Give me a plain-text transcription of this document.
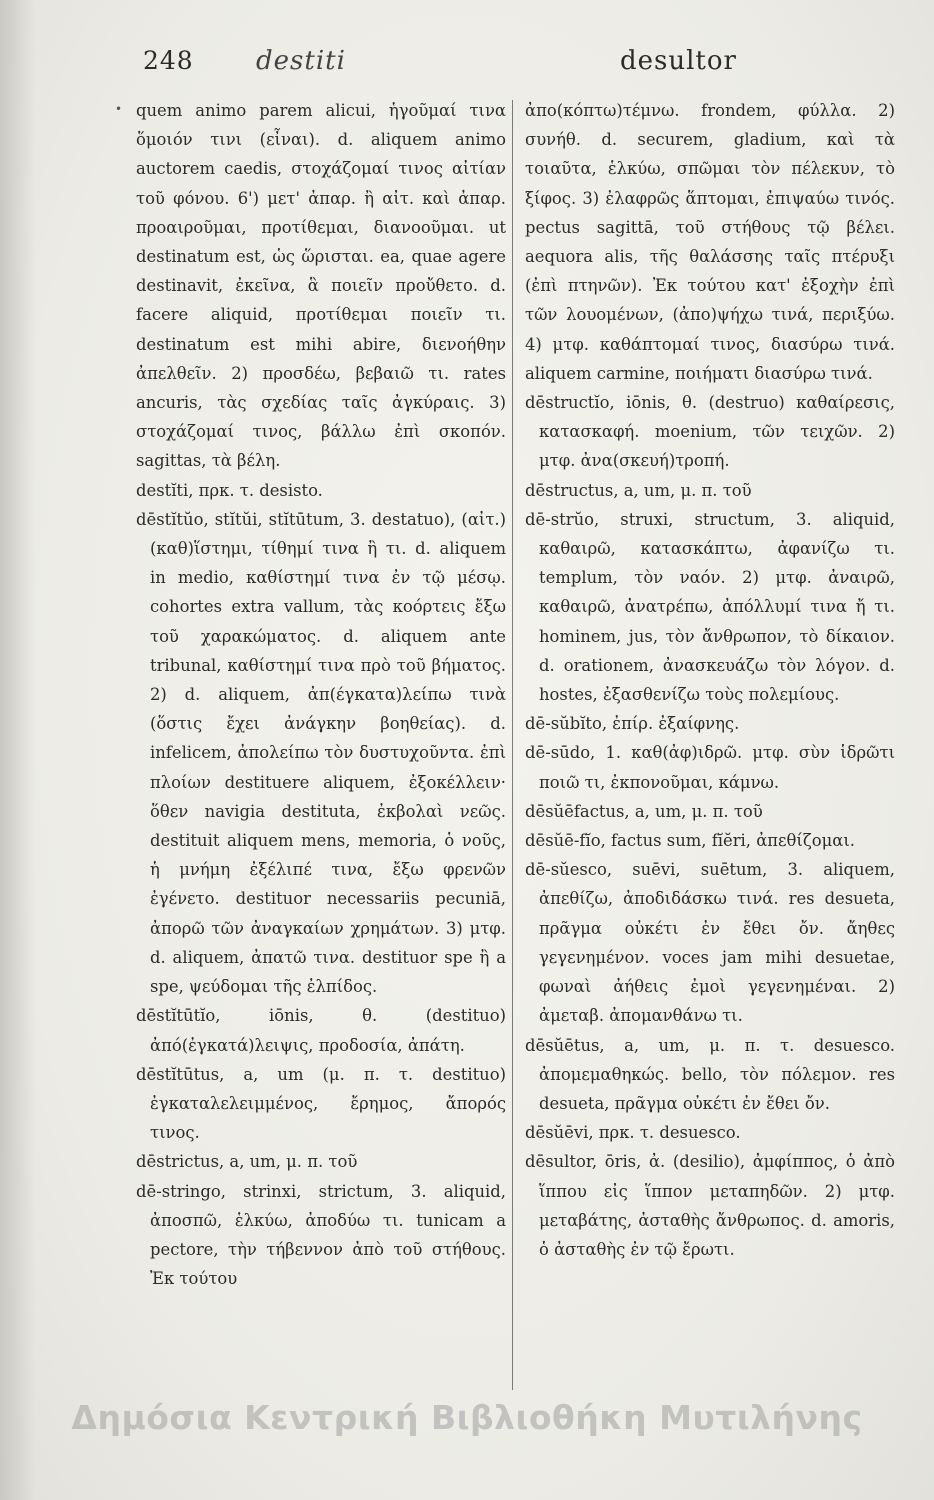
248 destiti	desultor
• quem animo parem alicui, ἡγοῦμαί τινα ὅμοιόν τινι (εἶναι). d. aliquem animo auctorem caedis, στοχάζομαί τινος αἰτίαν τοῦ φόνου. 6') μετ' ἀπαρ. ἢ αἰτ. καὶ ἀπαρ. προαιροῦμαι, προτίθεμαι, διανοοῦμαι. ut destinatum est, ὡς ὥρισται. ea, quae agere destinavit, ἐκεῖνα, ἃ ποιεῖν προὔθετο. d. facere aliquid, προτίθεμαι ποιεῖν τι. destinatum est mihi abire, διενοήθην ἀπελθεῖν. 2) προσδέω, βεβαιῶ τι. rates ancuris, τὰς σχεδίας ταῖς ἀγκύραις. 3) στοχάζομαί τινος, βάλλω ἐπὶ σκοπόν. sagittas, τὰ βέλη.

destĭti, πρκ. τ. desisto.

dēstĭtŭo, stĭtŭi, stĭtūtum, 3. destatuo), (αἰτ.) (καθ)ἵστημι, τίθημί τινα ἢ τι. d. aliquem in medio, καθίστημί τινα ἐν τῷ μέσῳ. cohortes extra vallum, τὰς κοόρτεις ἔξω τοῦ χαρακώματος. d. aliquem ante tribunal, καθίστημί τινα πρὸ τοῦ βήματος. 2) d. aliquem, ἀπ(έγκατα)λείπω τινὰ (ὅστις ἔχει ἀνάγκην βοηθείας). d. infelicem, ἀπολείπω τὸν δυστυχοῦντα. ἐπὶ πλοίων destituere aliquem, ἐξοκέλλειν· ὅθεν navigia destituta, ἐκβολαὶ νεῶς. destituit aliquem mens, memoria, ὁ νοῦς, ἡ μνήμη ἐξέλιπέ τινα, ἔξω φρενῶν ἐγένετο. destituor necessariis pecuniā, ἀπορῶ τῶν ἀναγκαίων χρημάτων. 3) μτφ. d. aliquem, ἀπατῶ τινα. destituor spe ἢ a spe, ψεύδομαι τῆς ἐλπίδος.

dēstĭtūtĭo, iōnis, θ. (destituo) ἀπό(ἐγκατά)λειψις, προδοσία, ἀπάτη.

dēstĭtūtus, a, um (μ. π. τ. destituo) ἐγκαταλελειμμένος, ἔρημος, ἄπορός τινος.

dēstrictus, a, um, μ. π. τοῦ

dē-stringo, strinxi, strictum, 3. aliquid, ἀποσπῶ, ἑλκύω, ἀποδύω τι. tunicam a pectore, τὴν τήβεννον ἀπὸ τοῦ στήθους. Ἐκ τούτου

ἀπο(κόπτω)τέμνω. frondem, φύλλα. 2) συνήθ. d. securem, gladium, καὶ τὰ τοιαῦτα, ἑλκύω, σπῶμαι τὸν πέλεκυν, τὸ ξίφος. 3) ἐλαφρῶς ἅπτομαι, ἐπιψαύω τινός. pectus sagittā, τοῦ στήθους τῷ βέλει. aequora alis, τῆς θαλάσσης ταῖς πτέρυξι (ἐπὶ πτηνῶν). Ἐκ τούτου κατ' ἐξοχὴν ἐπὶ τῶν λουομένων, (ἀπο)ψήχω τινά, περιξύω. 4) μτφ. καθάπτομαί τινος, διασύρω τινά. aliquem carmine, ποιήματι διασύρω τινά.

dēstructĭo, iōnis, θ. (destruo) καθαίρεσις, κατασκαφή. moenium, τῶν τειχῶν. 2) μτφ. ἀνα(σκευή)τροπή.

dēstructus, a, um, μ. π. τοῦ

dē-strŭo, struxi, structum, 3. aliquid, καθαιρῶ, κατασκάπτω, ἀφανίζω τι. templum, τὸν ναόν. 2) μτφ. ἀναιρῶ, καθαιρῶ, ἀνατρέπω, ἀπόλλυμί τινα ἤ τι. hominem, jus, τὸν ἄνθρωπον, τὸ δίκαιον. d. orationem, ἀνασκευάζω τὸν λόγον. d. hostes, ἐξασθενίζω τοὺς πολεμίους.

dē-sŭbĭto, ἐπίρ. ἐξαίφνης.

dē-sūdo, 1. καθ(ἀφ)ιδρῶ. μτφ. σὺν ἱδρῶτι ποιῶ τι, ἐκπονοῦμαι, κάμνω.

dēsŭēfactus, a, um, μ. π. τοῦ

dēsŭē-fĭo, factus sum, fĭĕri, ἀπεθίζομαι.

dē-sŭesco, suēvi, suētum, 3. aliquem, ἀπεθίζω, ἀποδιδάσκω τινά. res desueta, πρᾶγμα οὐκέτι ἐν ἔθει ὄν. ἄηθες γεγενημένον. voces jam mihi desuetae, φωναὶ ἀήθεις ἐμοὶ γεγενημέναι. 2) ἀμεταβ. ἀπομανθάνω τι.

dēsŭētus, a, um, μ. π. τ. desuesco. ἀπομεμαθηκώς. bello, τὸν πόλεμον. res desueta, πρᾶγμα οὐκέτι ἐν ἔθει ὄν.

dēsŭēvi, πρκ. τ. desuesco.

dēsultor, ōris, ἀ. (desilio), ἀμφίππος, ὁ ἀπὸ ἵππου εἰς ἵππον μεταπηδῶν. 2) μτφ. μεταβάτης, ἀσταθὴς ἄνθρωπος. d. amoris, ὁ ἀσταθὴς ἐν τῷ ἔρωτι.

Δημόσια Κεντρική Βιβλιοθήκη Μυτιλήνης
